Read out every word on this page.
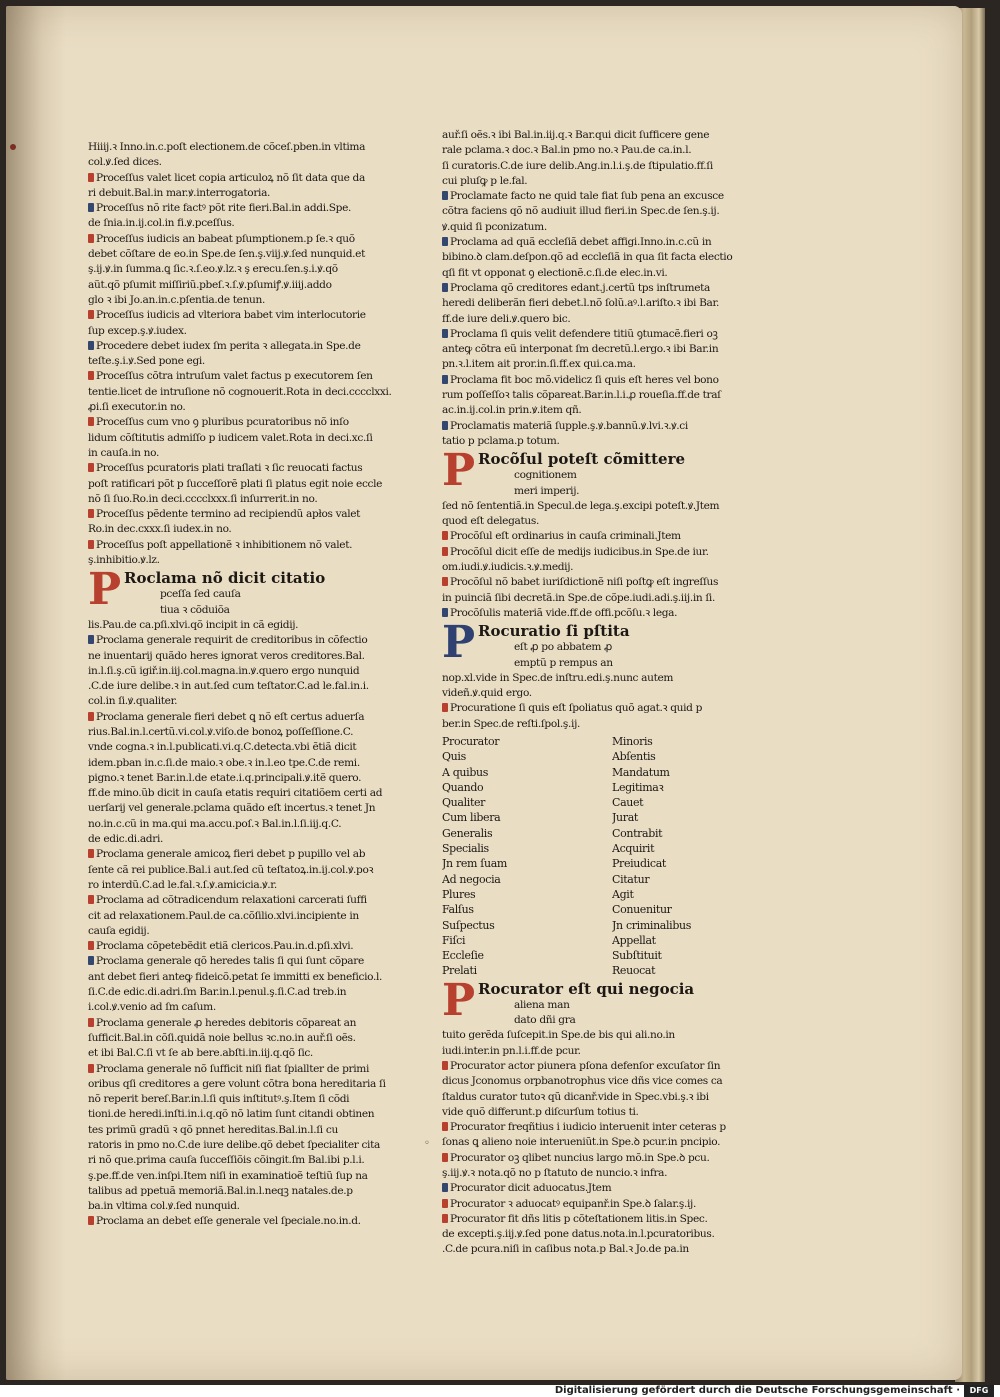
Hiiij.ꝛ Inno.in.c.poſt electionem.de cõceſ.pben.in vltima
col.ꝟ.ſed dices.
Proceſſus valet licet copia articuloꝝ nõ ſit data que da
ri debuit.Bal.in mar.ꝟ.interrogatoria.
Proceſſus nõ rite factꝰ põt rite fieri.Bal.in addi.Spe.
de ſnia.in.ij.col.in fi.ꝟ.pceſſus.
Proceſſus iudicis an babeat pſumptionem.p ſe.ꝛ quõ
debet cõſtare de eo.in Spe.de ſen.ş.viij.ꝟ.ſed nunquid.et
ş.ij.ꝟ.in ſumma.ꝗ ſic.ꝛ.ſ.eo.ꝟ.lz.ꝛ ş erecu.ſen.ş.i.ꝟ.qõ
aũt.qõ pſumit miſſiriũ.pbeſ.ꝛ.ſ.ꝟ.pſumiꝭ.ꝟ.iiij.addo
glo ꝛ ibi Jo.an.in.c.pſentia.de tenun.
Proceſſus iudicis ad vlteriora babet vim interlocutorie
ſup excep.ş.ꝟ.iudex.
Procedere debet iudex ſm perita ꝛ allegata.in Spe.de
teſte.ş.i.ꝟ.Sed pone egi.
Proceſſus cõtra intruſum valet factus p executorem ſen
tentie.licet de intruſione nõ cognouerit.Rota in deci.cccclxxi.
ꝓi.ſi executor.in no.
Proceſſus cum vno ꝯ pluribus pcuratoribus nõ inſo
lidum cõſtitutis admiſſo p iudicem valet.Rota in deci.xc.ſi
in cauſa.in no.
Proceſſus pcuratoris plati traſlati ꝛ ſic reuocati factus
poſt ratificari põt p ſucceſſorẽ plati ſi platus egit noie eccle
nõ ſi ſuo.Ro.in deci.cccclxxx.ſi inſurrerit.in no.
Proceſſus pẽdente termino ad recipiendũ apłos valet
Ro.in dec.cxxx.ſi iudex.in no.
Proceſſus poſt appellationẽ ꝛ inhibitionem nõ valet.
ş.inhibitio.ꝟ.lz.
P Roclama nõ dicit citatio
pceſſa ſed cauſa
tiua ꝛ cõduiõa
lis.Pau.de ca.pſi.xlvi.qõ incipit in cã egidij.
Proclama generale requirit de creditoribus in cõfectio
ne inuentarij quãdo heres ignorat veros creditores.Bal.
in.l.ſi.ş.cũ igiř.in.iij.col.magna.in.ꝟ.quero ergo nunquid
.C.de iure delibe.ꝛ in aut.ſed cum teſtator.C.ad le.fal.in.i.
col.in ſi.ꝟ.qualiter.
Proclama generale fieri debet ꝗ nõ eſt certus aduerſa
rius.Bal.in.l.certũ.vi.col.ꝟ.viſo.de bonoꝝ poſſeſſione.C.
vnde cogna.ꝛ in.l.publicati.vi.q.C.detecta.vbi ẽtiã dicit
idem.pban in.c.ſi.de maio.ꝛ obe.ꝛ in.l.eo tpe.C.de remi.
pigno.ꝛ tenet Bar.in.l.de etate.i.q.principali.ꝟ.itẽ quero.
ff.de mino.ũb dicit in cauſa etatis requiri citatiõem certi ad
uerſarij vel generale.pclama quãdo eſt incertus.ꝛ tenet Jn
no.in.c.cũ in ma.qui ma.accu.poſ.ꝛ Bal.in.l.ſi.iij.q.C.
de edic.di.adri.
Proclama generale amicoꝝ fieri debet p pupillo vel ab
ſente cã rei publice.Bal.i aut.ſed cũ teſtatoꝝ.in.ij.col.ꝟ.poꝛ
ro interdũ.C.ad le.fal.ꝛ.ſ.ꝟ.amicicia.ꝟ.r.
Proclama ad cõtradicendum relaxationi carcerati ſuffi
cit ad relaxationem.Paul.de ca.cõſilio.xlvi.incipiente in
cauſa egidij.
Proclama cõpetebẽdit etiã clericos.Pau.in.d.pſi.xlvi.
Proclama generale qõ heredes talis ſi qui ſunt cõpare
ant debet fieri anteꝙ fideicõ.petat ſe immitti ex beneficio.l.
ſi.C.de edic.di.adri.ſm Bar.in.l.penul.ş.ſi.C.ad treb.in
i.col.ꝟ.venio ad ſm caſum.
Proclama generale ꝓ heredes debitoris cõpareat an
ſufficit.Bal.in cõſi.quidã noie bellus ꝛc.no.in auř.ſi oẽs.
et ibi Bal.C.ſi vt ſe ab bere.abſti.in.iij.q.qõ ſic.
Proclama generale nõ ſufficit niſi fiat ſpiallter de primi
oribus qſi creditores a gere volunt cõtra bona hereditaria ſi
nõ reperit bereſ.Bar.in.l.ſi quis inſtitutꝰ.ş.Item ſi cõdi
tioni.de heredi.inſti.in.i.q.qõ nõ latim ſunt citandi obtinen
tes primũ gradũ ꝛ qõ pnnet hereditas.Bal.in.l.ſi cu
ratoris in pmo no.C.de iure delibe.qõ debet ſpecialiter cita
ri nõ que.prima cauſa ſucceſſiõis cõingit.ſm Bal.ibi p.l.i.
ş.pe.ff.de ven.inſpi.Item niſi in examinatioẽ teſtiũ ſup na
talibus ad ppetuã memoriã.Bal.in.l.neqꝫ natales.de.p
ba.in vltima col.ꝟ.ſed nunquid.
Proclama an debet eſſe generale vel ſpeciale.no.in.d.
auř.ſi oẽs.ꝛ ibi Bal.in.iij.q.ꝛ Bar.qui dicit ſufficere gene
rale pclama.ꝛ doc.ꝛ Bal.in pmo no.ꝛ Pau.de ca.in.l.
ſi curatoris.C.de iure delib.Ang.in.l.i.ş.de ſtipulatio.ff.ſi
cui pluſꝙ p le.fal.
Proclamate facto ne quid tale fiat ſub pena an excusce
cõtra faciens qõ nõ audiuit illud fieri.in Spec.de ſen.ş.ij.
ꝟ.quid ſi pconizatum.
Proclama ad quã eccleſiã debet affigi.Inno.in.c.cũ in
bibino.ꝺ clam.deſpon.qõ ad eccleſiã in qua ſit facta electio
qſi fit vt opponat ꝯ electionẽ.c.ſi.de elec.in.vi.
Proclama qõ creditores edant.j.certũ tps inſtrumeta
heredi deliberãn fieri debet.l.nõ ſolũ.aꝰ.l.ariſto.ꝛ ibi Bar.
ff.de iure deli.ꝟ.quero bic.
Proclama ſi quis velit defendere titiũ ꝯtumacẽ.fieri oꝫ
anteꝙ cõtra eũ interponat ſm decretũ.l.ergo.ꝛ ibi Bar.in
pn.ꝛ.l.item ait pror.in.ſi.ff.ex qui.ca.ma.
Proclama fit boc mõ.videlicz ſi quis eſt heres vel bono
rum poſſeſſoꝛ talis cõpareat.Bar.in.l.i.ꝓ roueſia.ff.de traſ
ac.in.ij.col.in prin.ꝟ.item qñ.
Proclamatis materiã ſupple.ş.ꝟ.bannũ.ꝟ.lvi.ꝛ.ꝟ.ci
tatio p pclama.p totum.
P Rocõſul poteſt cõmittere
cognitionem
meri imperij.
ſed nõ ſententiã.in Specul.de lega.ş.excipi poteſt.ꝟ.Jtem
quod eſt delegatus.
Procõſul eſt ordinarius in cauſa criminali.Jtem
Procõſul dicit eſſe de medijs iudicibus.in Spe.de iur.
om.iudi.ꝟ.iudicis.ꝛ.ꝟ.medij.
Procõſul nõ babet iuriſdictionẽ niſi poſtꝙ eſt ingreſſus
in puinciã ſibi decretã.in Spe.de cõpe.iudi.adi.ş.iij.in ſi.
Procõſulis materiã vide.ff.de offi.pcõſu.ꝛ lega.
P Rocuratio ſi pſtita
eſt ꝓ po abbatem ꝓ
emptũ p rempus an
nop.xl.vide in Spec.de inſtru.edi.ş.nunc autem
videñ.ꝟ.quid ergo.
Procuratione ſi quis eſt ſpoliatus quõ agat.ꝛ quid p
ber.in Spec.de reſti.ſpol.ş.ij.
Procurator
Quis
A quibus
Quando
Qualiter
Cum libera
Generalis
Specialis
Jn rem ſuam
Ad negocia
Plures
Falſus
Suſpectus
Fiſci
Eccleſie
Prelati
Minoris
Abſentis
Mandatum
Legitimaꝛ
Cauet
Jurat
Contrabit
Acquirit
Preiudicat
Citatur
Agit
Conuenitur
Jn criminalibus
Appellat
Subſtituit
Reuocat
P Rocurator eſt qui negocia
aliena man
dato dñi gra
tuito gerẽda ſuſcepit.in Spe.de bis qui ali.no.in
iudi.inter.in pn.l.i.ff.de pcur.
Procurator actor piunera pſona defenſor excuſator ſin
dicus Jconomus orpbanotrophus vice dñs vice comes ca
ſtaldus curator tutoꝛ qũ dicanř.vide in Spec.vbi.ş.ꝛ ibi
vide quõ differunt.p diſcurſum totius ti.
Procurator freqñtius i iudicio interuenit inter ceteras p
ſonas ꝗ alieno noie interueniũt.in Spe.ꝺ pcur.in pncipio.
Procurator oꝫ qlibet nuncius largo mõ.in Spe.ꝺ pcu.
ş.iij.ꝟ.ꝛ nota.qõ no p ſtatuto de nuncio.ꝛ infra.
Procurator dicit aduocatus.Jtem
Procurator ꝛ aduocatꝰ equipanř.in Spe.ꝺ ſalar.ş.ij.
Procurator fit dñs litis p cõteſtationem litis.in Spec.
de excepti.ş.iij.ꝟ.ſed pone datus.nota.in.l.pcuratoribus.
.C.de pcura.niſi in caſibus nota.p Bal.ꝛ Jo.de pa.in
◦
Digitalisierung gefördert durch die Deutsche Forschungsgemeinschaft ·	DFG
